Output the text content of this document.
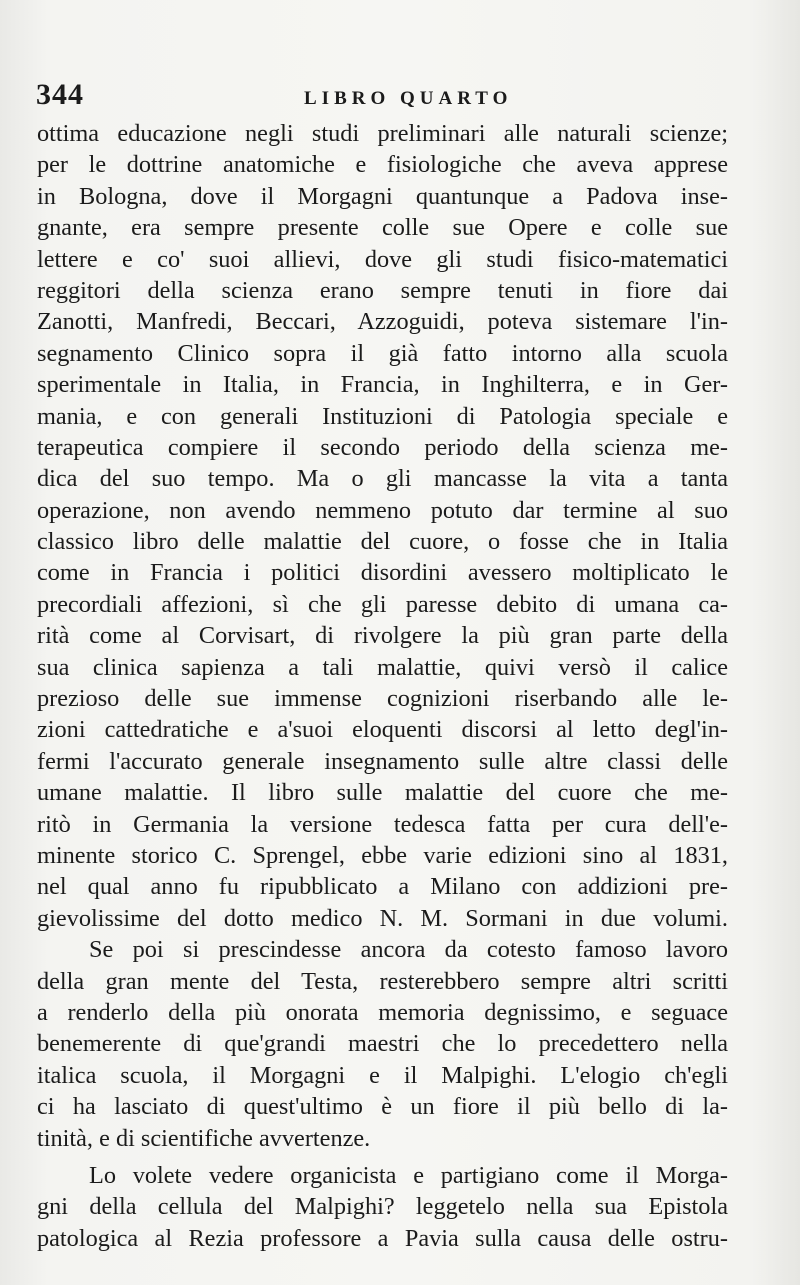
344	LIBRO QUARTO
ottima educazione negli studi preliminari alle naturali scienze;
per le dottrine anatomiche e fisiologiche che aveva apprese
in Bologna, dove il Morgagni quantunque a Padova inse-
gnante, era sempre presente colle sue Opere e colle sue
lettere e co' suoi allievi, dove gli studi fisico-matematici
reggitori della scienza erano sempre tenuti in fiore dai
Zanotti, Manfredi, Beccari, Azzoguidi, poteva sistemare l'in-
segnamento Clinico sopra il già fatto intorno alla scuola
sperimentale in Italia, in Francia, in Inghilterra, e in Ger-
mania, e con generali Instituzioni di Patologia speciale e
terapeutica compiere il secondo periodo della scienza me-
dica del suo tempo. Ma o gli mancasse la vita a tanta
operazione, non avendo nemmeno potuto dar termine al suo
classico libro delle malattie del cuore, o fosse che in Italia
come in Francia i politici disordini avessero moltiplicato le
precordiali affezioni, sì che gli paresse debito di umana ca-
rità come al Corvisart, di rivolgere la più gran parte della
sua clinica sapienza a tali malattie, quivi versò il calice
prezioso delle sue immense cognizioni riserbando alle le-
zioni cattedratiche e a'suoi eloquenti discorsi al letto degl'in-
fermi l'accurato generale insegnamento sulle altre classi delle
umane malattie. Il libro sulle malattie del cuore che me-
ritò in Germania la versione tedesca fatta per cura dell'e-
minente storico C. Sprengel, ebbe varie edizioni sino al 1831,
nel qual anno fu ripubblicato a Milano con addizioni pre-
gievolissime del dotto medico N. M. Sormani in due volumi.
Se poi si prescindesse ancora da cotesto famoso lavoro
della gran mente del Testa, resterebbero sempre altri scritti
a renderlo della più onorata memoria degnissimo, e seguace
benemerente di que'grandi maestri che lo precedettero nella
italica scuola, il Morgagni e il Malpighi. L'elogio ch'egli
ci ha lasciato di quest'ultimo è un fiore il più bello di la-
tinità, e di scientifiche avvertenze.
Lo volete vedere organicista e partigiano come il Morga-
gni della cellula del Malpighi? leggetelo nella sua Epistola
patologica al Rezia professore a Pavia sulla causa delle ostru-
